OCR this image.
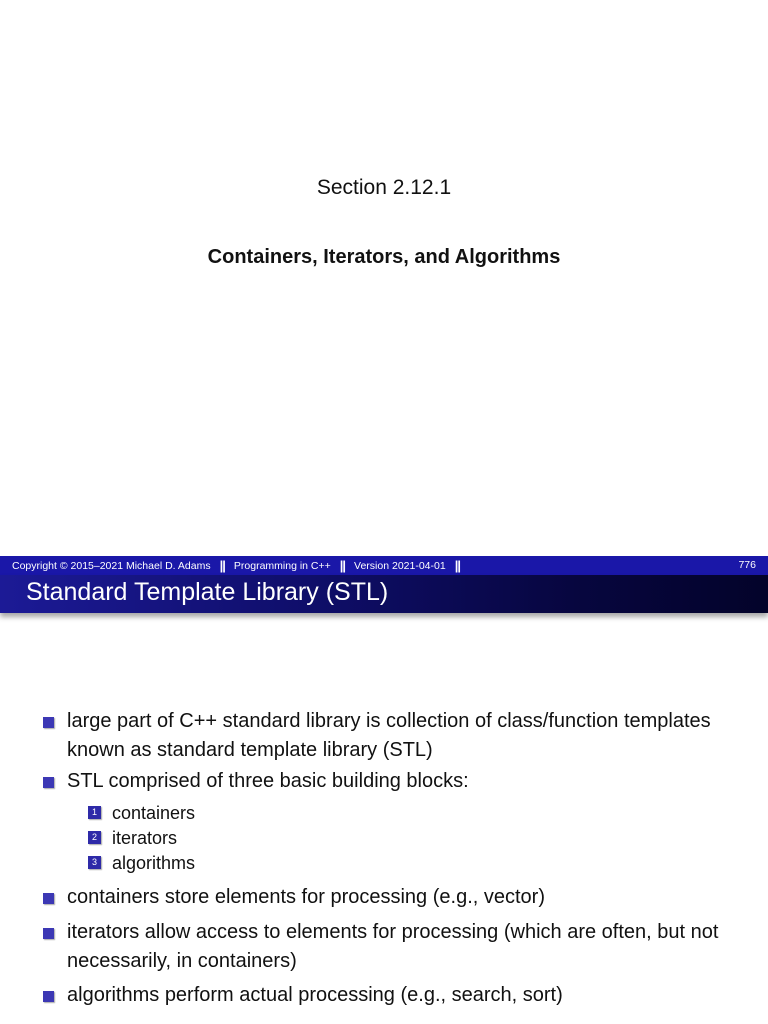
Section 2.12.1
Containers, Iterators, and Algorithms
Copyright © 2015–2021 Michael D. Adams || Programming in C++ || Version 2021-04-01 ||	776
Standard Template Library (STL)
large part of C++ standard library is collection of class/function templates known as standard template library (STL)
STL comprised of three basic building blocks:
1 containers
2 iterators
3 algorithms
containers store elements for processing (e.g., vector)
iterators allow access to elements for processing (which are often, but not necessarily, in containers)
algorithms perform actual processing (e.g., search, sort)
